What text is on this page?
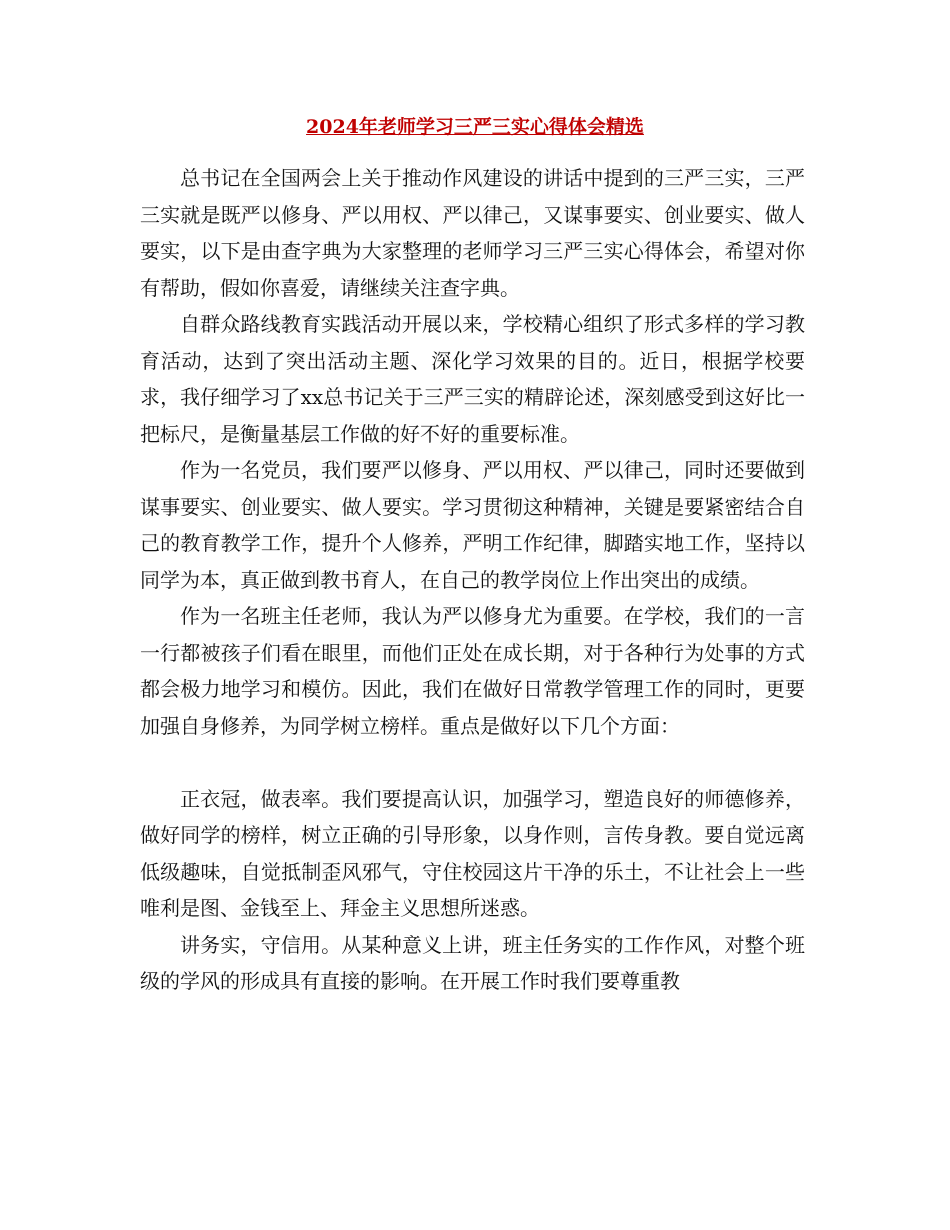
2024年老师学习三严三实心得体会精选

总书记在全国两会上关于推动作风建设的讲话中提到的三严三实，三严三实就是既严以修身、严以用权、严以律己，又谋事要实、创业要实、做人要实，以下是由查字典为大家整理的老师学习三严三实心得体会，希望对你有帮助，假如你喜爱，请继续关注查字典。

自群众路线教育实践活动开展以来，学校精心组织了形式多样的学习教育活动，达到了突出活动主题、深化学习效果的目的。近日，根据学校要求，我仔细学习了xx总书记关于三严三实的精辟论述，深刻感受到这好比一把标尺，是衡量基层工作做的好不好的重要标准。

作为一名党员，我们要严以修身、严以用权、严以律己，同时还要做到谋事要实、创业要实、做人要实。学习贯彻这种精神，关键是要紧密结合自己的教育教学工作，提升个人修养，严明工作纪律，脚踏实地工作，坚持以同学为本，真正做到教书育人，在自己的教学岗位上作出突出的成绩。

作为一名班主任老师，我认为严以修身尤为重要。在学校，我们的一言一行都被孩子们看在眼里，而他们正处在成长期，对于各种行为处事的方式都会极力地学习和模仿。因此，我们在做好日常教学管理工作的同时，更要加强自身修养，为同学树立榜样。重点是做好以下几个方面：

正衣冠，做表率。我们要提高认识，加强学习，塑造良好的师德修养，做好同学的榜样，树立正确的引导形象，以身作则，言传身教。要自觉远离低级趣味，自觉抵制歪风邪气，守住校园这片干净的乐土，不让社会上一些唯利是图、金钱至上、拜金主义思想所迷惑。

讲务实，守信用。从某种意义上讲，班主任务实的工作作风，对整个班级的学风的形成具有直接的影响。在开展工作时我们要尊重教
